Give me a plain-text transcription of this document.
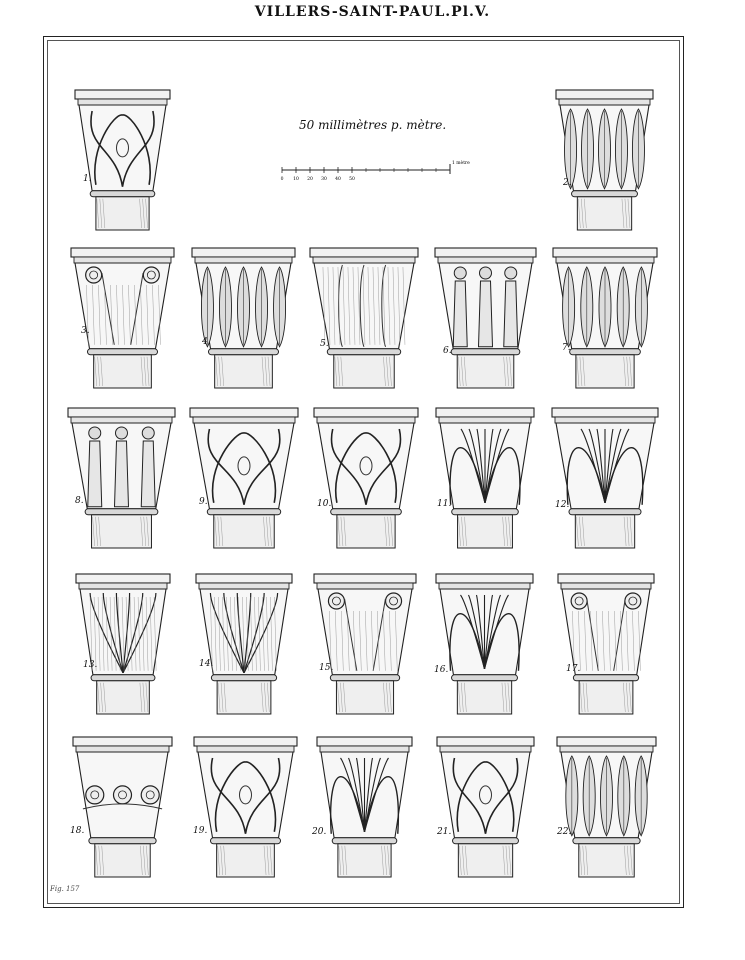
VILLERS-SAINT-PAUL.Pl.V.
50 millimètres p. mètre.
0 10 20 30 40 50
1 mètre
1.	2.
3.
4.	5.
6.	7.
8.	9.	10.	11.	12.
13.	14.	15.	16.	17.
18.	19.	20.	21.	22.
Fig. 157
